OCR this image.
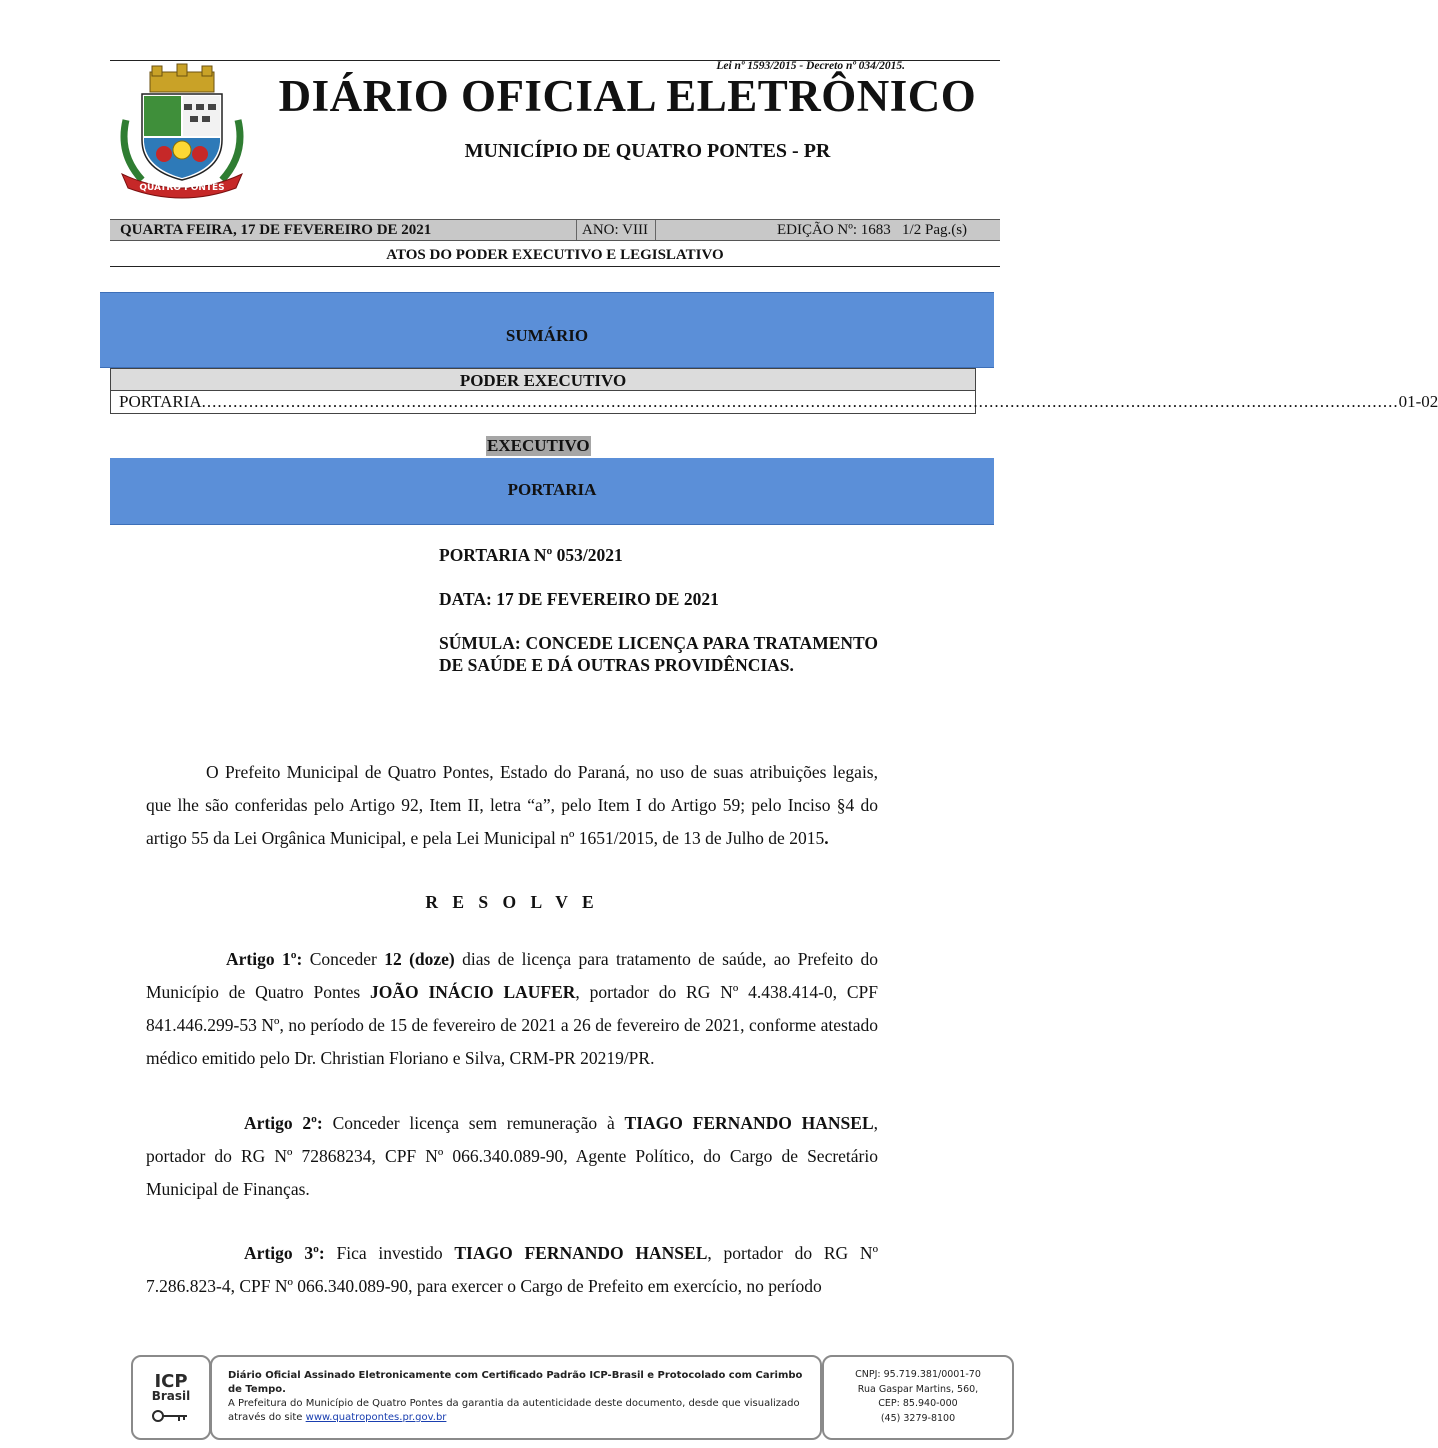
Lei nº 1593/2015 - Decreto nº 034/2015.
QUATRO PONTES
DIÁRIO OFICIAL ELETRÔNICO
MUNICÍPIO DE QUATRO PONTES - PR
QUARTA FEIRA, 17 DE FEVEREIRO DE 2021	ANO: VIII	EDIÇÃO Nº: 1683   1/2 Pag.(s)
ATOS DO PODER EXECUTIVO E LEGISLATIVO
SUMÁRIO
PODER EXECUTIVO
PORTARIA .................................................................................................................................................................................................................................... 01-02
EXECUTIVO
PORTARIA
PORTARIA Nº 053/2021
DATA: 17 DE FEVEREIRO DE 2021
SÚMULA: CONCEDE LICENÇA PARA TRATAMENTO DE SAÚDE E DÁ OUTRAS PROVIDÊNCIAS.
O Prefeito Municipal de Quatro Pontes, Estado do Paraná, no uso de suas atribuições legais, que lhe são conferidas pelo Artigo 92, Item II, letra “a”, pelo Item I do Artigo 59; pelo Inciso §4 do artigo 55 da Lei Orgânica Municipal, e pela Lei Municipal nº 1651/2015, de 13 de Julho de 2015.
R E S O L V E
Artigo 1º: Conceder 12 (doze) dias de licença para tratamento de saúde, ao Prefeito do Município de Quatro Pontes JOÃO INÁCIO LAUFER, portador do RG Nº 4.438.414-0, CPF 841.446.299-53 Nº, no período de 15 de fevereiro de 2021 a 26 de fevereiro de 2021, conforme atestado médico emitido pelo Dr. Christian Floriano e Silva, CRM-PR 20219/PR.
Artigo 2º: Conceder licença sem remuneração à TIAGO FERNANDO HANSEL, portador do RG Nº 72868234, CPF Nº 066.340.089-90, Agente Político, do Cargo de Secretário Municipal de Finanças.
Artigo 3º: Fica investido TIAGO FERNANDO HANSEL, portador do RG Nº 7.286.823-4, CPF Nº 066.340.089-90, para exercer o Cargo de Prefeito em exercício, no período
ICP
Brasil
Diário Oficial Assinado Eletronicamente com Certificado Padrão ICP-Brasil e Protocolado com Carimbo de Tempo.
A Prefeitura do Município de Quatro Pontes da garantia da autenticidade deste documento, desde que visualizado
através do site www.quatropontes.pr.gov.br
CNPJ: 95.719.381/0001-70
Rua Gaspar Martins, 560,
CEP: 85.940-000
(45) 3279-8100
